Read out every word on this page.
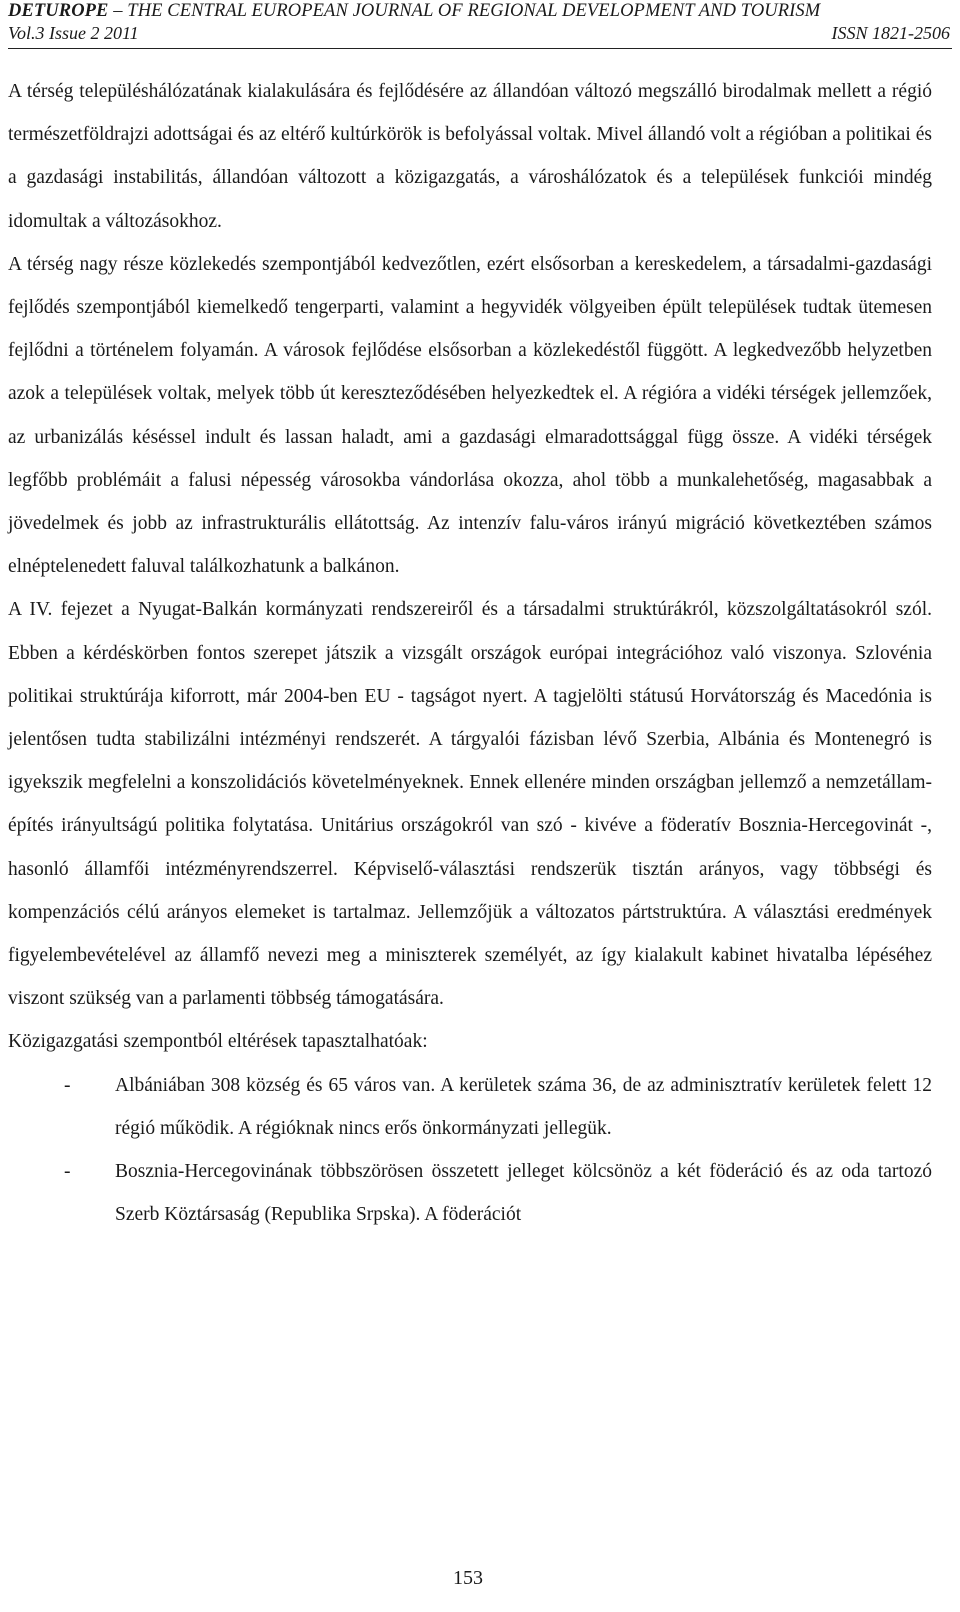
DETUROPE – THE CENTRAL EUROPEAN JOURNAL OF REGIONAL DEVELOPMENT AND TOURISM
Vol.3 Issue 2 2011	ISSN 1821-2506

A térség településhálózatának kialakulására és fejlődésére az állandóan változó megszálló birodalmak mellett a régió természetföldrajzi adottságai és az eltérő kultúrkörök is befolyással voltak. Mivel állandó volt a régióban a politikai és a gazdasági instabilitás, állandóan változott a közigazgatás, a városhálózatok és a települések funkciói mindég idomultak a változásokhoz.

A térség nagy része közlekedés szempontjából kedvezőtlen, ezért elsősorban a kereskedelem, a társadalmi-gazdasági fejlődés szempontjából kiemelkedő tengerparti, valamint a hegyvidék völgyeiben épült települések tudtak ütemesen fejlődni a történelem folyamán. A városok fejlődése elsősorban a közlekedéstől függött. A legkedvezőbb helyzetben azok a települések voltak, melyek több út kereszteződésében helyezkedtek el. A régióra a vidéki térségek jellemzőek, az urbanizálás késéssel indult és lassan haladt, ami a gazdasági elmaradottsággal függ össze. A vidéki térségek legfőbb problémáit a falusi népesség városokba vándorlása okozza, ahol több a munkalehetőség, magasabbak a jövedelmek és jobb az infrastrukturális ellátottság. Az intenzív falu-város irányú migráció következtében számos elnéptelenedett faluval találkozhatunk a balkánon.

A IV. fejezet a Nyugat-Balkán kormányzati rendszereiről és a társadalmi struktúrákról, közszolgáltatásokról szól. Ebben a kérdéskörben fontos szerepet játszik a vizsgált országok európai integrációhoz való viszonya. Szlovénia politikai struktúrája kiforrott, már 2004-ben EU - tagságot nyert. A tagjelölti státusú Horvátország és Macedónia is jelentősen tudta stabilizálni intézményi rendszerét. A tárgyalói fázisban lévő Szerbia, Albánia és Montenegró is igyekszik megfelelni a konszolidációs követelményeknek. Ennek ellenére minden országban jellemző a nemzetállam-építés irányultságú politika folytatása. Unitárius országokról van szó - kivéve a föderatív Bosznia-Hercegovinát -, hasonló államfői intézményrendszerrel. Képviselő-választási rendszerük tisztán arányos, vagy többségi és kompenzációs célú arányos elemeket is tartalmaz. Jellemzőjük a változatos pártstruktúra. A választási eredmények figyelembevételével az államfő nevezi meg a miniszterek személyét, az így kialakult kabinet hivatalba lépéséhez viszont szükség van a parlamenti többség támogatására.

Közigazgatási szempontból eltérések tapasztalhatóak:

- Albániában 308 község és 65 város van. A kerületek száma 36, de az adminisztratív kerületek felett 12 régió működik. A régióknak nincs erős önkormányzati jellegük.
- Bosznia-Hercegovinának többszörösen összetett jelleget kölcsönöz a két föderáció és az oda tartozó Szerb Köztársaság (Republika Srpska). A föderációt
153
